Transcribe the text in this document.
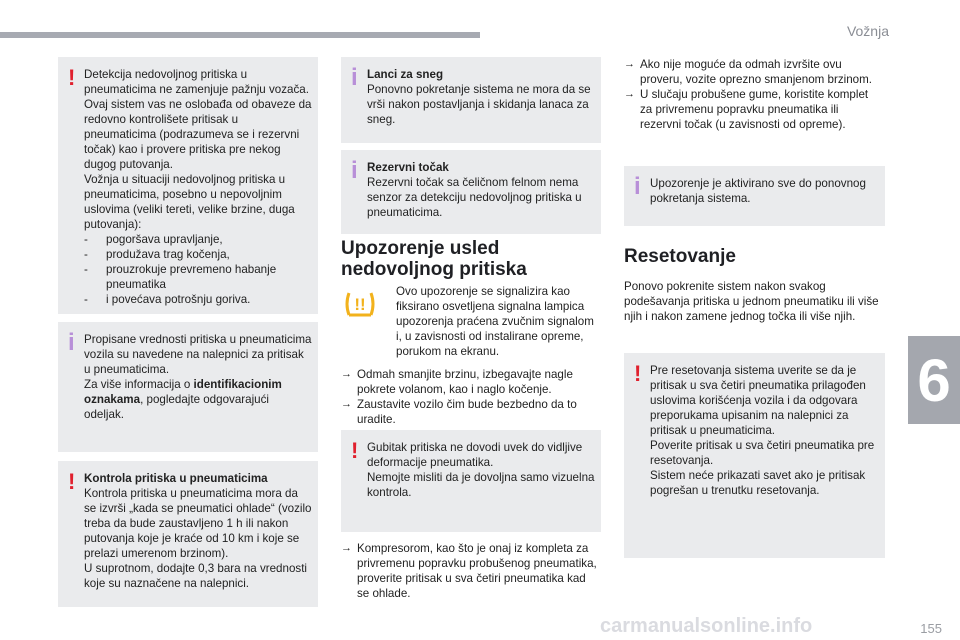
Vožnja
6
! Detekcija nedovoljnog pritiska u pneumaticima ne zamenjuje pažnju vozača.

Ovaj sistem vas ne oslobađa od obaveze da redovno kontrolišete pritisak u pneumaticima (podrazumeva se i rezervni točak) kao i provere pritiska pre nekog dugog putovanja.

Vožnja u situaciji nedovoljnog pritiska u pneumaticima, posebno u nepovoljnim uslovima (veliki tereti, velike brzine, duga putovanja):

- pogoršava upravljanje,
- produžava trag kočenja,
- prouzrokuje prevremeno habanje pneumatika
- i povećava potrošnju goriva.
i Propisane vrednosti pritiska u pneumaticima vozila su navedene na nalepnici za pritisak u pneumaticima.

Za više informacija o identifikacionim oznakama, pogledajte odgovarajući odeljak.

! Kontrola pritiska u pneumaticima

Kontrola pritiska u pneumaticima mora da se izvrši „kada se pneumatici ohlade“ (vozilo treba da bude zaustavljeno 1 h ili nakon putovanja koje je kraće od 10 km i koje se prelazi umerenom brzinom).

U suprotnom, dodajte 0,3 bara na vrednosti koje su naznačene na nalepnici.

i Lanci za sneg

Ponovno pokretanje sistema ne mora da se vrši nakon postavljanja i skidanja lanaca za sneg.

i Rezervni točak

Rezervni točak sa čeličnom felnom nema senzor za detekciju nedovoljnog pritiska u pneumaticima.

Upozorenje usled nedovoljnog pritiska
!!

Ovo upozorenje se signalizira kao fiksirano osvetljena signalna lampica upozorenja praćena zvučnim signalom i, u zavisnosti od instalirane opreme, porukom na ekranu.

→ Odmah smanjite brzinu, izbegavajte nagle pokrete volanom, kao i naglo kočenje.
→ Zaustavite vozilo čim bude bezbedno da to uradite.
! Gubitak pritiska ne dovodi uvek do vidljive deformacije pneumatika.

Nemojte misliti da je dovoljna samo vizuelna kontrola.

→ Kompresorom, kao što je onaj iz kompleta za privremenu popravku probušenog pneumatika, proverite pritisak u sva četiri pneumatika kad se ohlade.
→ Ako nije moguće da odmah izvršite ovu proveru, vozite oprezno smanjenom brzinom.
→ U slučaju probušene gume, koristite komplet za privremenu popravku pneumatika ili rezervni točak (u zavisnosti od opreme).
i Upozorenje je aktivirano sve do ponovnog pokretanja sistema.

Resetovanje

Ponovo pokrenite sistem nakon svakog podešavanja pritiska u jednom pneumatiku ili više njih i nakon zamene jednog točka ili više njih.

! Pre resetovanja sistema uverite se da je pritisak u sva četiri pneumatika prilagođen uslovima korišćenja vozila i da odgovara preporukama upisanim na nalepnici za pritisak u pneumaticima.

Poverite pritisak u sva četiri pneumatika pre resetovanja.

Sistem neće prikazati savet ako je pritisak pogrešan u trenutku resetovanja.

carmanualsonline.info	155
